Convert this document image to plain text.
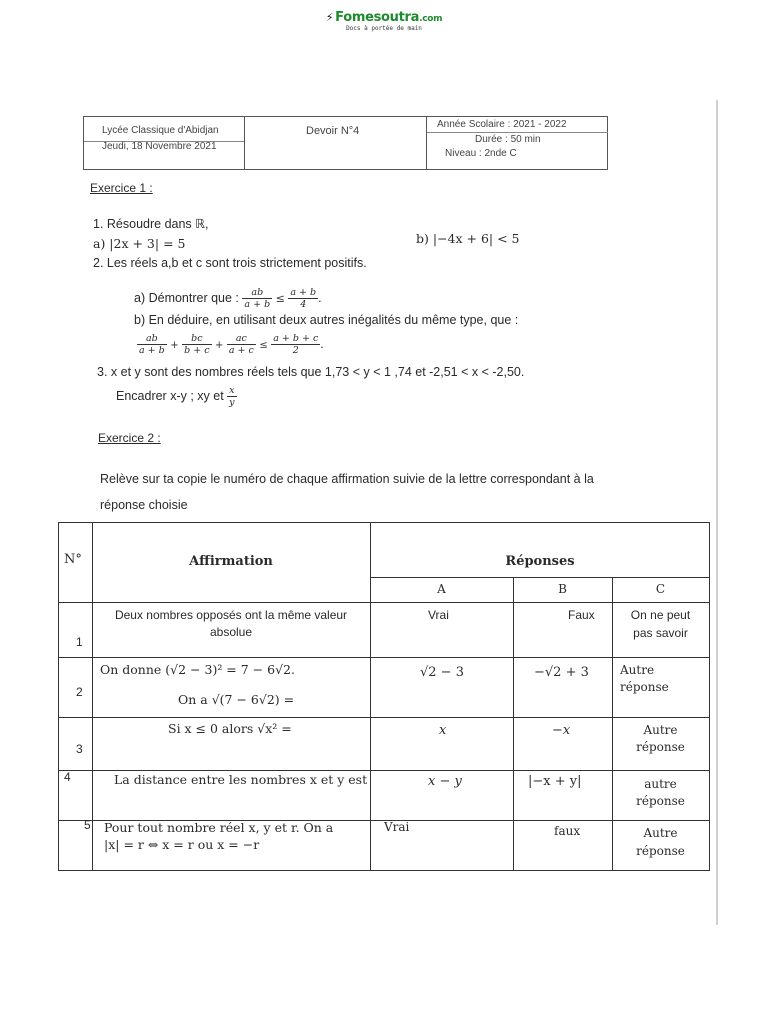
⚡ Fomesoutra.com
Docs à portée de main
Lycée Classique d'Abidjan
Jeudi, 18 Novembre 2021
Devoir N°4
Année Scolaire : 2021 - 2022
Durée : 50 min
Niveau : 2nde C
Exercice 1 :
1. Résoudre dans ℝ,
a) |2x + 3| = 5	b) |−4x + 6| < 5
2. Les réels a,b et c sont trois strictement positifs.
a) Démontrer que : $\frac{ab}{a + b} \le \frac{a + b}{4}$ .
b) En déduire, en utilisant deux autres inégalités du même type, que :
$\frac{ab}{a + b} + \frac{bc}{b + c} + \frac{ac}{a + c} \le \frac{a + b + c}{2}$ .
3. x et y sont des nombres réels tels que 1,73 < y < 1 ,74 et -2,51 < x < -2,50.
Encadrer x-y ; xy et $\frac{x}{y}$
Exercice 2 :
Relève sur ta copie le numéro de chaque affirmation suivie de la lettre correspondant à la
réponse choisie
N°	Affirmation	Réponses
A	B	C
1
Deux nombres opposés ont la même valeur
absolue
Vrai	Faux	On ne peut
pas savoir
2
On donne (√2 − 3)² = 7 − 6√2.
On a √(7 − 6√2) =
√2 − 3	−√2 + 3	Autre
réponse
3
Si x ≤ 0 alors √x² =	x	−x	Autre
réponse
4	La distance entre les nombres x et y est	x − y	|−x + y|	autre
réponse
5 Pour tout nombre réel x, y et r. On a
|x| = r ⇔ x = r ou x = −r
Vrai	faux	Autre
réponse
